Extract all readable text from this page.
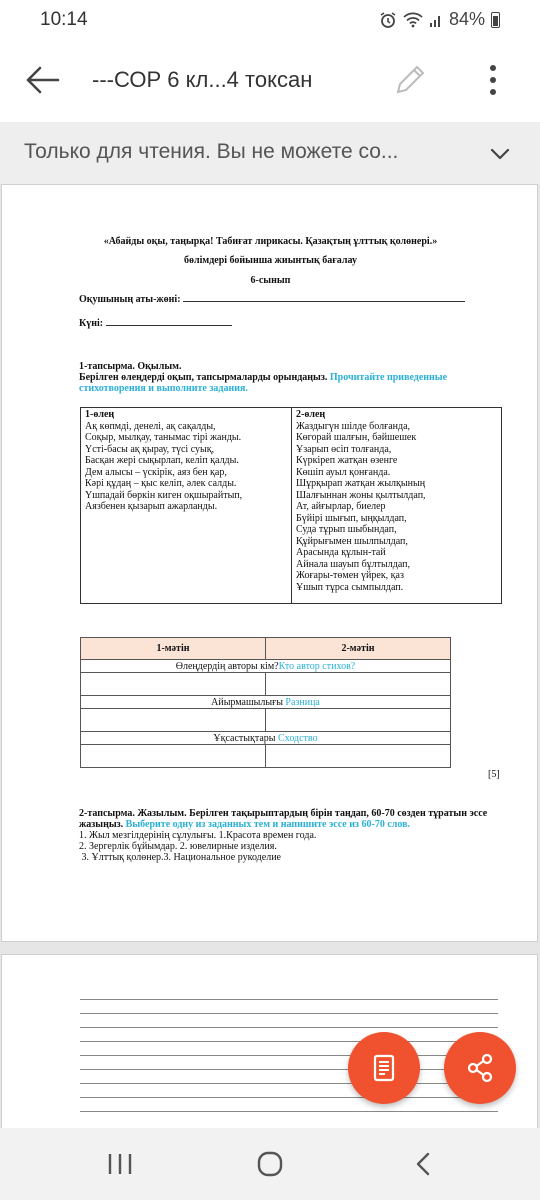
10:14	84%
---СОР 6 кл...4 токсан
Только для чтения. Вы не можете со...
«Абайды оқы, таңырқа! Табиғат лирикасы. Қазақтың ұлттық қолөнері.»
бөлімдері бойынша жиынтық бағалау
6-сынып
Оқушының аты-жөні:
Күні:
1-тапсырма. Оқылым.
Берілген өлеңдерді оқып, тапсырмаларды орындаңыз. Прочитайте приведенные стихотворения и выполните задания.
1-өлең
Ақ көпмді, денелі, ақ сақалды,
Соқыр, мылқау, танымас тірі жанды.
Үсті-басы ақ қырау, түсі суық,
Басқан жері сықырлап, келіп қалды.
Дем алысы – үскірік, аяз бен қар,
Кәрі құдаң – қыс келіп, әлек салды.
Үшпадай бөркін киген оқшырайтып,
Аязбенен қызарып ажарланды.
2-өлең
Жаздыгүн шілде болғанда,
Көгорай шалғын, бәйшешек
Ұзарып өсіп толғанда,
Күркіреп жатқан өзенге
Көшіп ауыл қонғанда.
Шұрқырап жатқан жылқының
Шалғыннан жоны қылтылдап,
Ат, айғырлар, биелер
Бүйірі шығып, ыңқылдап,
Суда тұрып шыбындап,
Құйрығымен шылпылдап,
Арасында құлын-тай
Айнала шауып бұлтылдап,
Жоғары-төмен үйрек, қаз
Ұшып тұрса сымпылдап.
1-мәтін	2-мәтін
Өлеңдердің авторы кім?Кто автор стихов?	

Айырмашылығы Разница	

Ұқсастықтары Сходство	

[5]
2-тапсырма. Жазылым. Берілген тақырыптардың бірін таңдап, 60-70 сөзден тұратын эссе жазыңыз. Выберите одну из заданных тем и напишите эссе из 60-70 слов.
1. Жыл мезгілдерінің сұлулығы. 1.Красота времен года.
2. Зергерлік бұйымдар. 2. ювелирные изделия.
3. Ұлттық қолөнер.3. Национальное рукоделие
